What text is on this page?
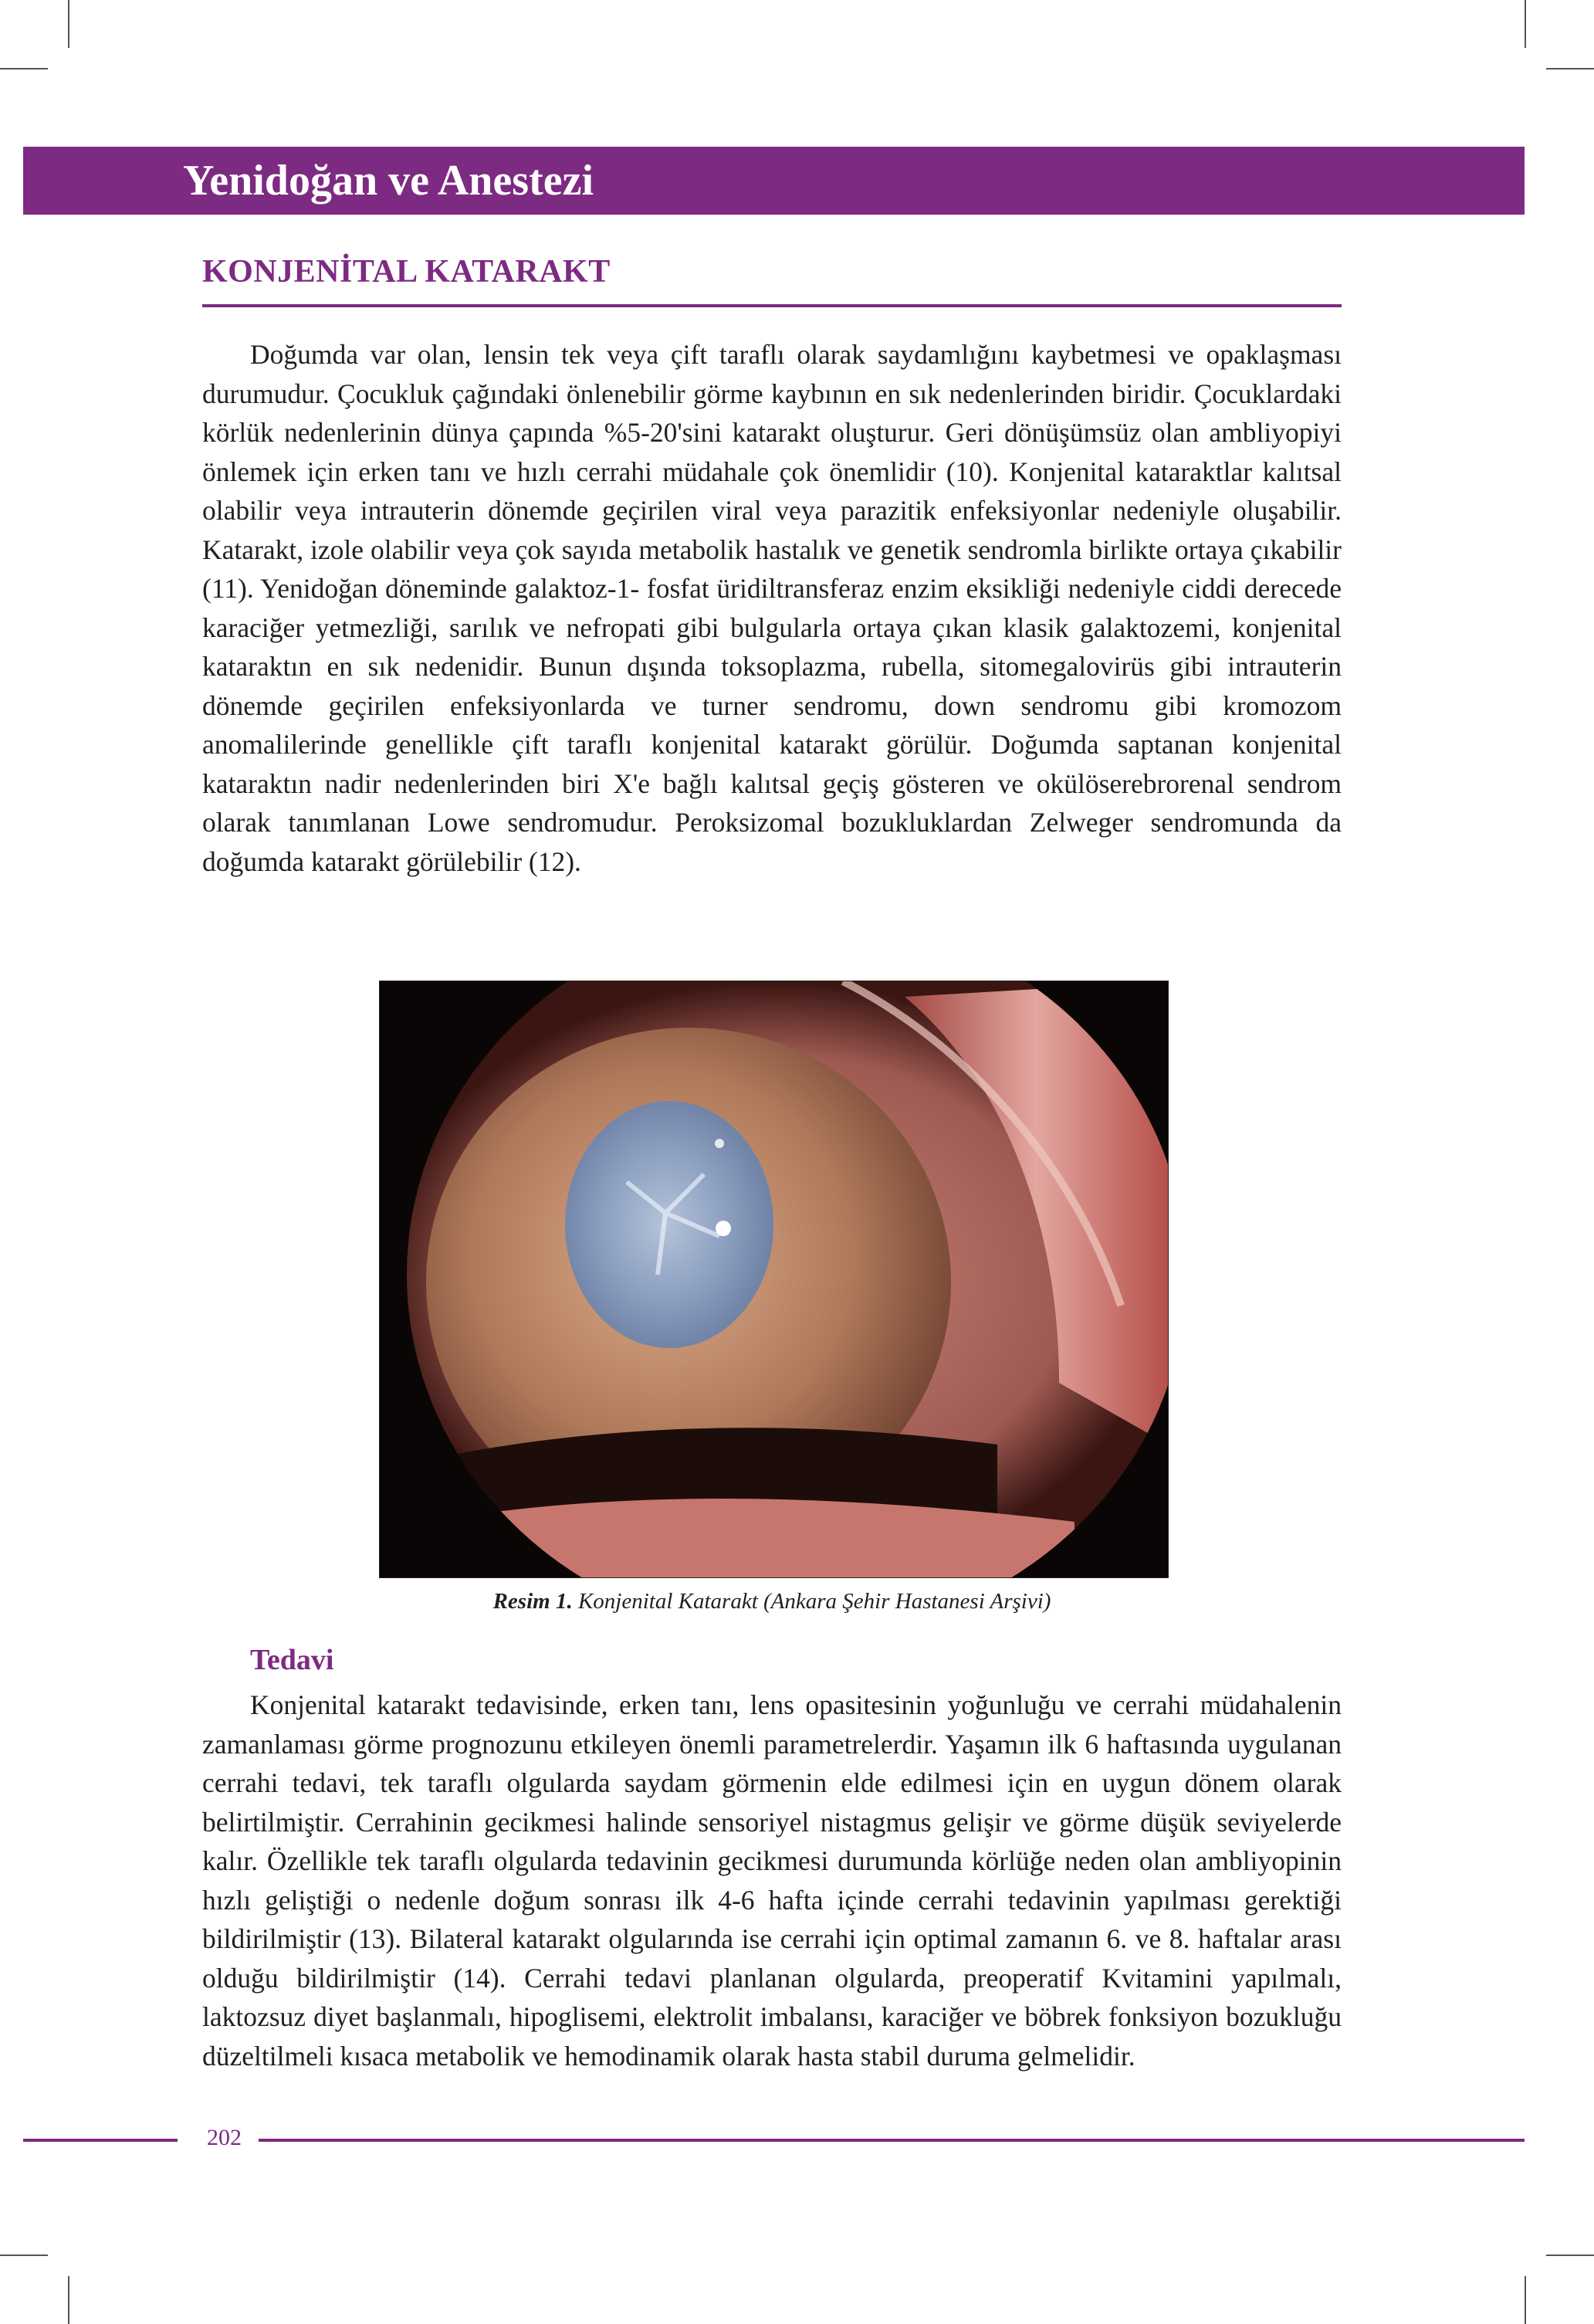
Yenidoğan ve Anestezi
KONJENİTAL KATARAKT

Doğumda var olan, lensin tek veya çift taraflı olarak saydamlığını kaybetmesi ve opaklaşması durumudur. Çocukluk çağındaki önlenebilir görme kaybının en sık nedenlerinden biridir. Çocuklardaki körlük nedenlerinin dünya çapında %5-20'sini katarakt oluşturur. Geri dönüşümsüz olan ambliyopiyi önlemek için erken tanı ve hızlı cerrahi müdahale çok önemlidir (10). Konjenital kataraktlar kalıtsal olabilir veya intrauterin dönemde geçirilen viral veya parazitik enfeksiyonlar nedeniyle oluşabilir. Katarakt, izole olabilir veya çok sayıda metabolik hastalık ve genetik sendromla birlikte ortaya çıkabilir (11). Yenidoğan döneminde galaktoz-1- fosfat üridiltransferaz enzim eksikliği nedeniyle ciddi derecede karaciğer yetmezliği, sarılık ve nefropati gibi bulgularla ortaya çıkan klasik galaktozemi, konjenital kataraktın en sık nedenidir. Bunun dışında toksoplazma, rubella, sitomegalovirüs gibi intrauterin dönemde geçirilen enfeksiyonlarda ve turner sendromu, down sendromu gibi kromozom anomalilerinde genellikle çift taraflı konjenital katarakt görülür. Doğumda saptanan konjenital kataraktın nadir nedenlerinden biri X'e bağlı kalıtsal geçiş gösteren ve okülöserebrorenal sendrom olarak tanımlanan Lowe sendromudur. Peroksizomal bozukluklardan Zelweger sendromunda da doğumda katarakt görülebilir (12).

Resim 1. Konjenital Katarakt (Ankara Şehir Hastanesi Arşivi)
Tedavi

Konjenital katarakt tedavisinde, erken tanı, lens opasitesinin yoğunluğu ve cerrahi müdahalenin zamanlaması görme prognozunu etkileyen önemli parametrelerdir. Yaşamın ilk 6 haftasında uygulanan cerrahi tedavi, tek taraflı olgularda saydam görmenin elde edilmesi için en uygun dönem olarak belirtilmiştir. Cerrahinin gecikmesi halinde sensoriyel nistagmus gelişir ve görme düşük seviyelerde kalır. Özellikle tek taraflı olgularda tedavinin gecikmesi durumunda körlüğe neden olan ambliyopinin hızlı geliştiği o nedenle doğum sonrası ilk 4-6 hafta içinde cerrahi tedavinin yapılması gerektiği bildirilmiştir (13). Bilateral katarakt olgularında ise cerrahi için optimal zamanın 6. ve 8. haftalar arası olduğu bildirilmiştir (14). Cerrahi tedavi planlanan olgularda, preoperatif Kvitamini yapılmalı, laktozsuz diyet başlanmalı, hipoglisemi, elektrolit imbalansı, karaciğer ve böbrek fonksiyon bozukluğu düzeltilmeli kısaca metabolik ve hemodinamik olarak hasta stabil duruma gelmelidir.

202
